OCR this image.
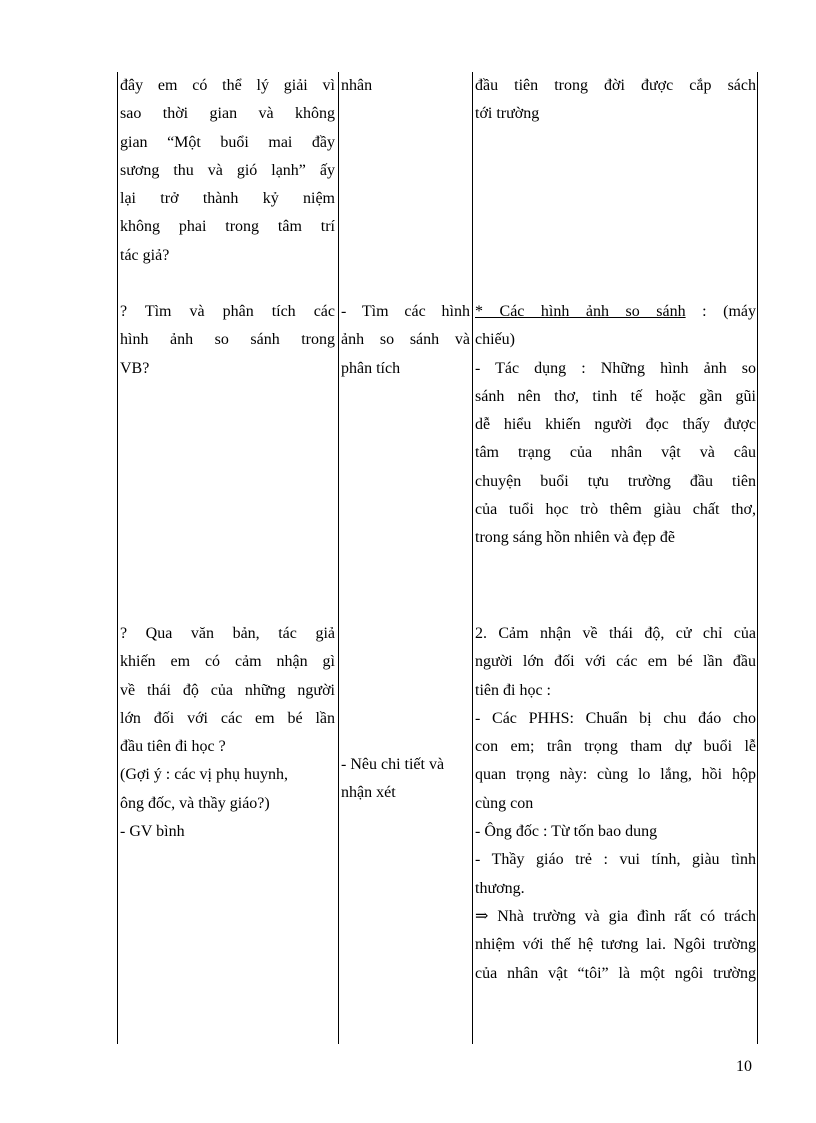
đây em có thể lý giải vì

sao thời gian và không

gian “Một buổi mai đầy

sương thu và gió lạnh” ấy

lại trở thành kỷ niệm

không phai trong tâm trí

tác giả?

? Tìm và phân tích các

hình ảnh so sánh trong

VB?

? Qua văn bản, tác giả

khiến em có cảm nhận gì

về thái độ của những người

lớn đối với các em bé lần

đầu tiên đi học ?

(Gợi ý : các vị phụ huynh,

ông đốc, và thầy giáo?)

- GV bình

nhân

- Tìm các hình

ảnh so sánh và

phân tích

- Nêu chi tiết và

nhận xét

đầu tiên trong đời được cắp sách

tới trường

* Các hình ảnh so sánh : (máy

chiếu)

- Tác dụng : Những hình ảnh so

sánh nên thơ, tinh tế hoặc gần gũi

dễ hiểu khiến người đọc thấy được

tâm trạng của nhân vật và câu

chuyện buổi tựu trường đầu tiên

của tuổi học trò thêm giàu chất thơ,

trong sáng hồn nhiên và đẹp đẽ

2. Cảm nhận về thái độ, cử chỉ của

người lớn đối với các em bé lần đầu

tiên đi học :

- Các PHHS: Chuẩn bị chu đáo cho

con em; trân trọng tham dự buổi lễ

quan trọng này: cùng lo lắng, hồi hộp

cùng con

- Ông đốc : Từ tốn bao dung

- Thầy giáo trẻ : vui tính, giàu tình

thương.

⇒ Nhà trường và gia đình rất có trách

nhiệm với thế hệ tương lai. Ngôi trường

của nhân vật “tôi” là một ngôi trường

10
